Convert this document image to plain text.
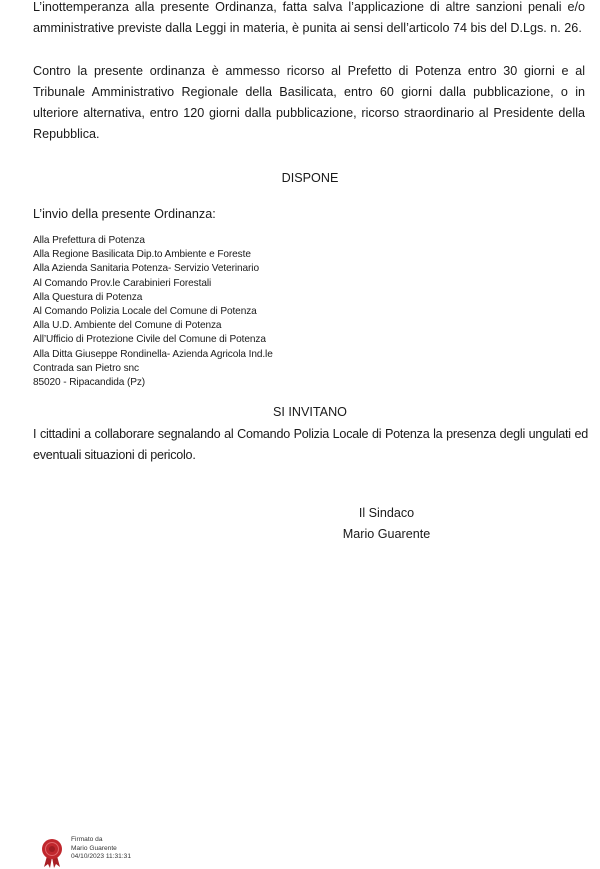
L’inottemperanza alla presente Ordinanza, fatta salva l’applicazione di altre sanzioni penali e/o
amministrative previste dalla Leggi in materia, è punita ai sensi dell’articolo 74 bis del D.Lgs. n. 26.

Contro la presente ordinanza è ammesso ricorso al Prefetto di Potenza entro 30 giorni e al
Tribunale Amministrativo Regionale della Basilicata, entro 60 giorni dalla pubblicazione, o in
ulteriore alternativa, entro 120 giorni dalla pubblicazione, ricorso straordinario al Presidente della
Repubblica.

DISPONE

L’invio della presente Ordinanza:

Alla Prefettura di Potenza
Alla Regione Basilicata Dip.to Ambiente e Foreste
Alla Azienda Sanitaria Potenza- Servizio Veterinario
Al Comando Prov.le Carabinieri Forestali
Alla Questura di Potenza
Al Comando Polizia Locale del Comune di Potenza
Alla U.D. Ambiente del Comune di Potenza
All’Ufficio di Protezione Civile del Comune di Potenza
Alla Ditta Giuseppe Rondinella- Azienda Agricola Ind.le
Contrada san Pietro snc
85020 - Ripacandida (Pz)

SI INVITANO

I cittadini a collaborare segnalando al Comando Polizia Locale di Potenza la presenza degli ungulati ed
eventuali situazioni di pericolo.

Il Sindaco

Mario Guarente

Firmato da
Mario Guarente
04/10/2023 11:31:31
